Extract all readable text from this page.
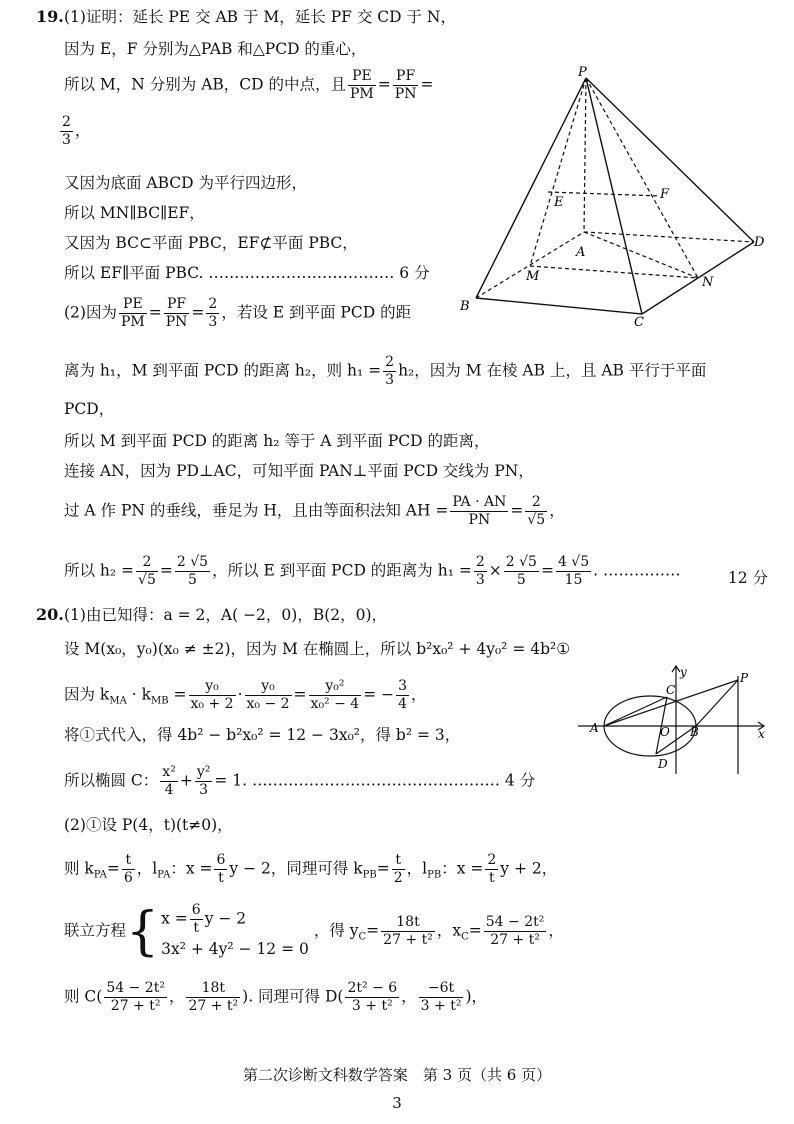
19. (1)证明：延长 PE 交 AB 于 M，延长 PF 交 CD 于 N，
因为 E，F 分别为△PAB 和△PCD 的重心，
所以 M，N 分别为 AB，CD 的中点，且 $\frac{PE}{PM} = \frac{PF}{PN}$ =
$\frac{2}{3}$ ，
又因为底面 ABCD 为平行四边形，
所以 MN∥BC∥EF，
又因为 BC⊂平面 PBC，EF⊄平面 PBC，
所以 EF∥平面 PBC. ……………………………… 6 分
(2)因为 $\frac{PE}{PM} = \frac{PF}{PN} = \frac{2}{3}$ ，若设 E 到平面 PCD 的距
离为 h₁，M 到平面 PCD 的距离 h₂，则 $h_1 = \frac{2}{3} h_2$，因为 M 在棱 AB 上，且 AB 平行于平面
PCD，
所以 M 到平面 PCD 的距离 h₂ 等于 A 到平面 PCD 的距离，
连接 AN，因为 PD⊥AC，可知平面 PAN⊥平面 PCD 交线为 PN，
过 A 作 PN 的垂线，垂足为 H，且由等面积法知 AH = $\frac{PA \cdot AN}{PN} = \frac{2}{√5}$ ，
所以 $h_2 = \frac{2}{√5} = \frac{2 √5}{5}$ ，所以 E 到平面 PCD 的距离为 $h_1 = \frac{2}{3} \times \frac{2 √5}{5} = \frac{4 √5}{15}$ . ……………	12 分
P
E
F
D
A
M	N
B
C
20. (1)由已知得：a = 2，A( −2，0)，B(2，0)，
设 M(x₀，y₀)(x₀ ≠ ±2)，因为 M 在椭圆上，所以 b²x₀² + 4y₀² = 4b²①
因为 $k_{MA} \cdot k_{MB} = \frac{\text{y₀}}{\text{x₀ + 2}} \cdot \frac{\text{y₀}}{\text{x₀ − 2}} = \frac{\text{y₀²}}{\text{x₀² − 4}}$ = − $\frac{3}{4}$ ，
将①式代入，得 4b² − b²x₀² = 12 − 3x₀²，得 b² = 3，
所以椭圆 C： $\frac{\text{x²}}{4} + \frac{\text{y²}}{3} = 1$. ………………………………………… 4 分
(2)①设 P(4，t)(t≠0)，
则 $k_{PA}= \frac{t}{6}$ ，$l_{PA}$：$x = \frac{6}{t}$ y − 2，同理可得 $k_{PB}= \frac{t}{2}$ ，$l_{PB}$：$x = \frac{2}{t}$ y + 2，
联立方程{ $x = \frac{6}{t}$ y − 2
3x² + 4y² − 12 = 0
，得 $y_C= \frac{18t}{\text{27 + t²}}$ ，$x_C= \frac{\text{54 − 2t²}}{\text{27 + t²}}$ ，
则 $C( \frac{\text{54 − 2t²}}{\text{27 + t²}}$ ， $\frac{18t}{\text{27 + t²}}$ ). 同理可得 $D( \frac{\text{2t² − 6}}{\text{3 + t²}}$ ， $\frac{-6t}{\text{3 + t²}}$ )，
y
x
P
C
A	O B
D
第二次诊断文科数学答案　第 3 页（共 6 页）
3
